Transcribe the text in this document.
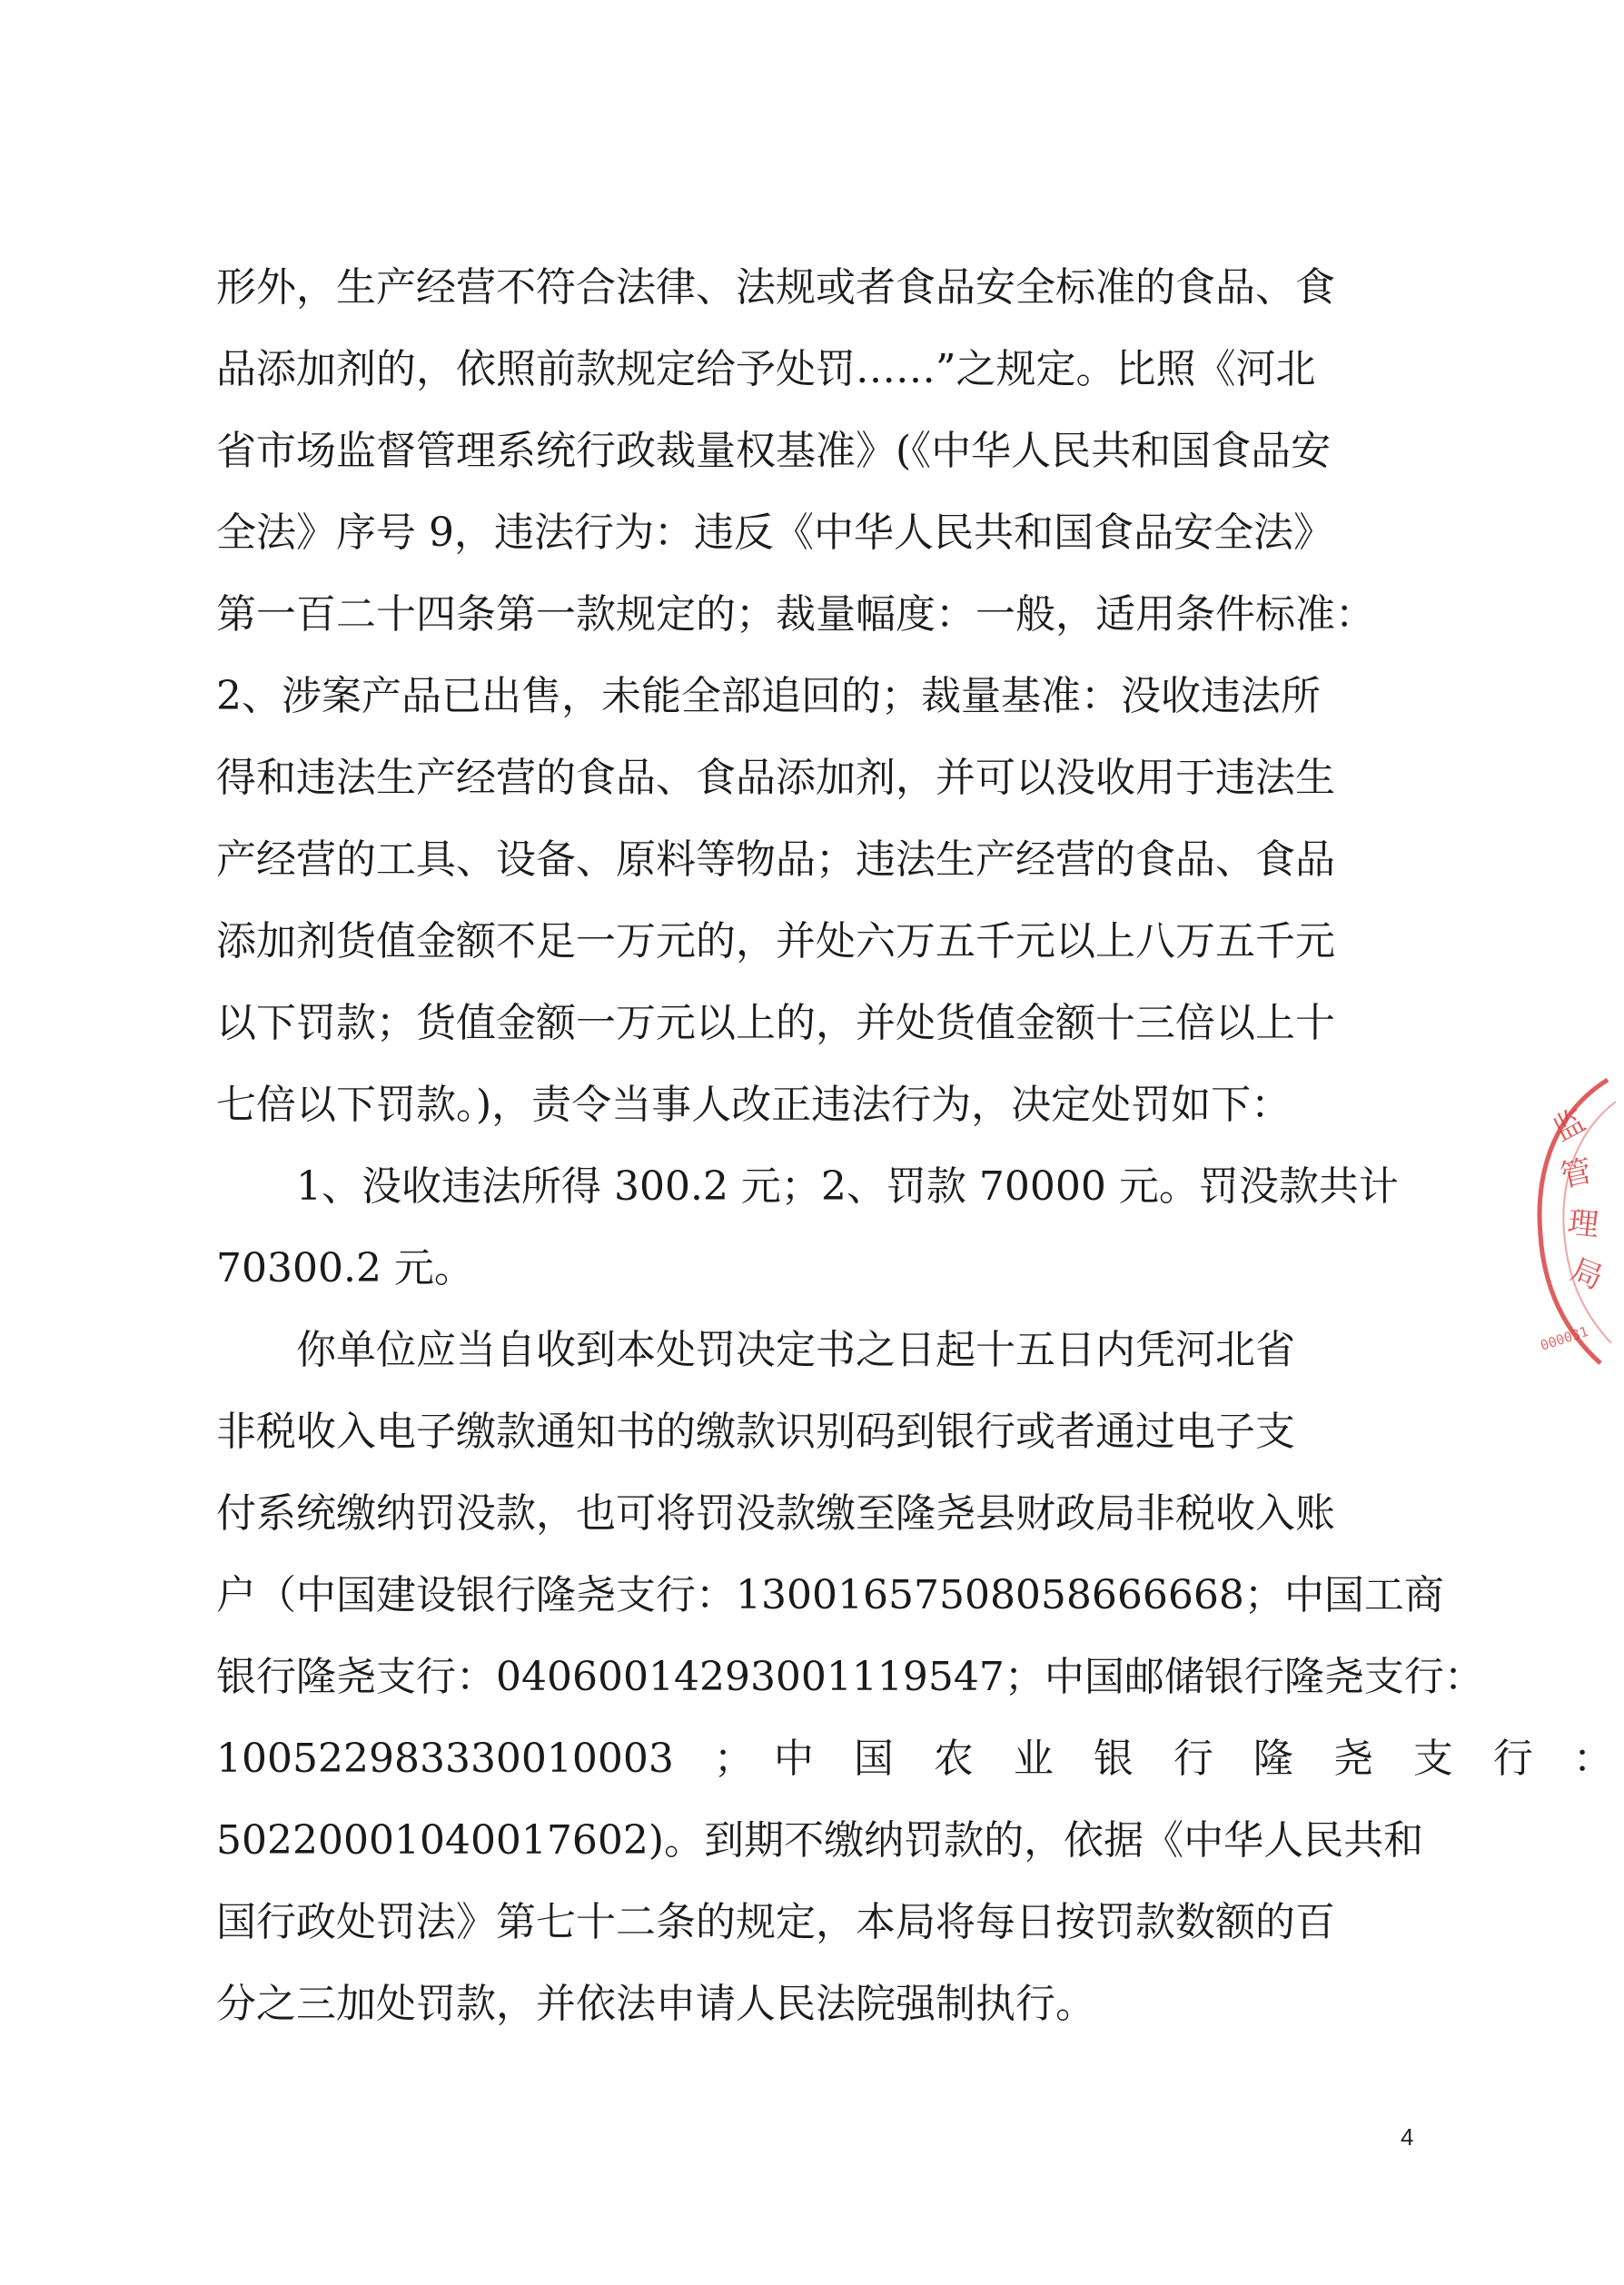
形外，生产经营不符合法律、法规或者食品安全标准的食品、食
品添加剂的，依照前款规定给予处罚……”之规定。比照《河北
省市场监督管理系统行政裁量权基准》(《中华人民共和国食品安
全法》序号 9，违法行为：违反《中华人民共和国食品安全法》
第一百二十四条第一款规定的；裁量幅度：一般，适用条件标准：
2、涉案产品已出售，未能全部追回的；裁量基准：没收违法所
得和违法生产经营的食品、食品添加剂，并可以没收用于违法生
产经营的工具、设备、原料等物品；违法生产经营的食品、食品
添加剂货值金额不足一万元的，并处六万五千元以上八万五千元
以下罚款；货值金额一万元以上的，并处货值金额十三倍以上十
七倍以下罚款。)，责令当事人改正违法行为，决定处罚如下：
1、没收违法所得 300.2 元；2、罚款 70000 元。罚没款共计
70300.2 元。
你单位应当自收到本处罚决定书之日起十五日内凭河北省
非税收入电子缴款通知书的缴款识别码到银行或者通过电子支
付系统缴纳罚没款，也可将罚没款缴至隆尧县财政局非税收入账
户（中国建设银行隆尧支行：13001657508058666668；中国工商
银行隆尧支行：04060014293001119547；中国邮储银行隆尧支行：
100522983330010003　；　中　国　农　业　银　行　隆　尧　支　行　：
50220001040017602)。到期不缴纳罚款的，依据《中华人民共和
国行政处罚法》第七十二条的规定，本局将每日按罚款数额的百
分之三加处罚款，并依法申请人民法院强制执行。
监
管
理
局
000031
4
